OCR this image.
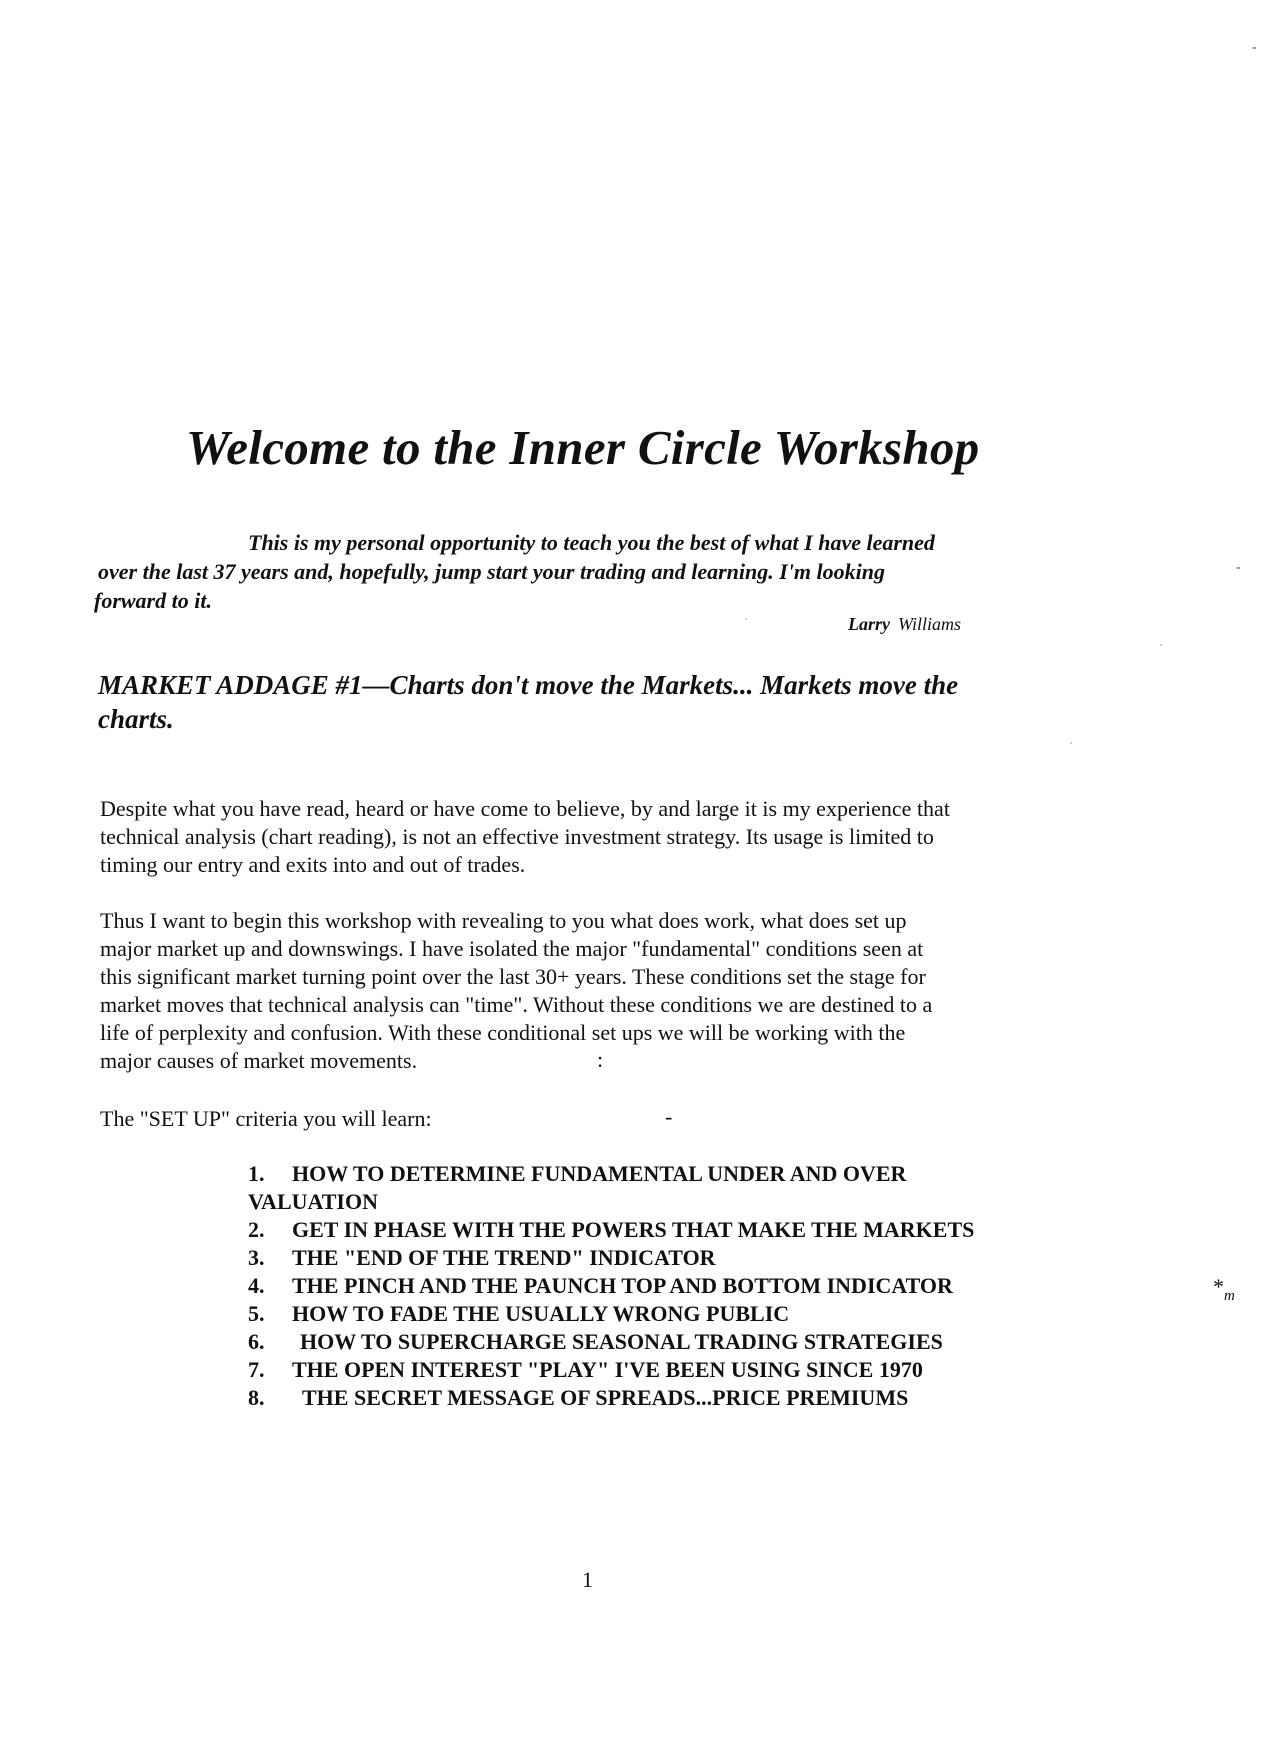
Welcome to the Inner Circle Workshop
This is my personal opportunity to teach you the best of what I have learned
over the last 37 years and, hopefully, jump start your trading and learning. I'm looking
forward to it.
Larry Williams
MARKET ADDAGE #1—Charts don't move the Markets... Markets move the
charts.
Despite what you have read, heard or have come to believe, by and large it is my experience that
technical analysis (chart reading), is not an effective investment strategy. Its usage is limited to
timing our entry and exits into and out of trades.
Thus I want to begin this workshop with revealing to you what does work, what does set up
major market up and downswings. I have isolated the major "fundamental" conditions seen at
this significant market turning point over the last 30+ years. These conditions set the stage for
market moves that technical analysis can "time". Without these conditions we are destined to a
life of perplexity and confusion. With these conditional set ups we will be working with the
major causes of market movements.	:
The "SET UP" criteria you will learn:	-
1.	HOW TO DETERMINE FUNDAMENTAL UNDER AND OVER
VALUATION
2.	GET IN PHASE WITH THE POWERS THAT MAKE THE MARKETS
3.	THE "END OF THE TREND" INDICATOR
4.	THE PINCH AND THE PAUNCH TOP AND BOTTOM INDICATOR
5.	HOW TO FADE THE USUALLY WRONG PUBLIC
6.	HOW TO SUPERCHARGE SEASONAL TRADING STRATEGIES
7.	THE OPEN INTEREST "PLAY" I'VE BEEN USING SINCE 1970
8.	THE SECRET MESSAGE OF SPREADS...PRICE PREMIUMS
$*_m$
1
-
-
